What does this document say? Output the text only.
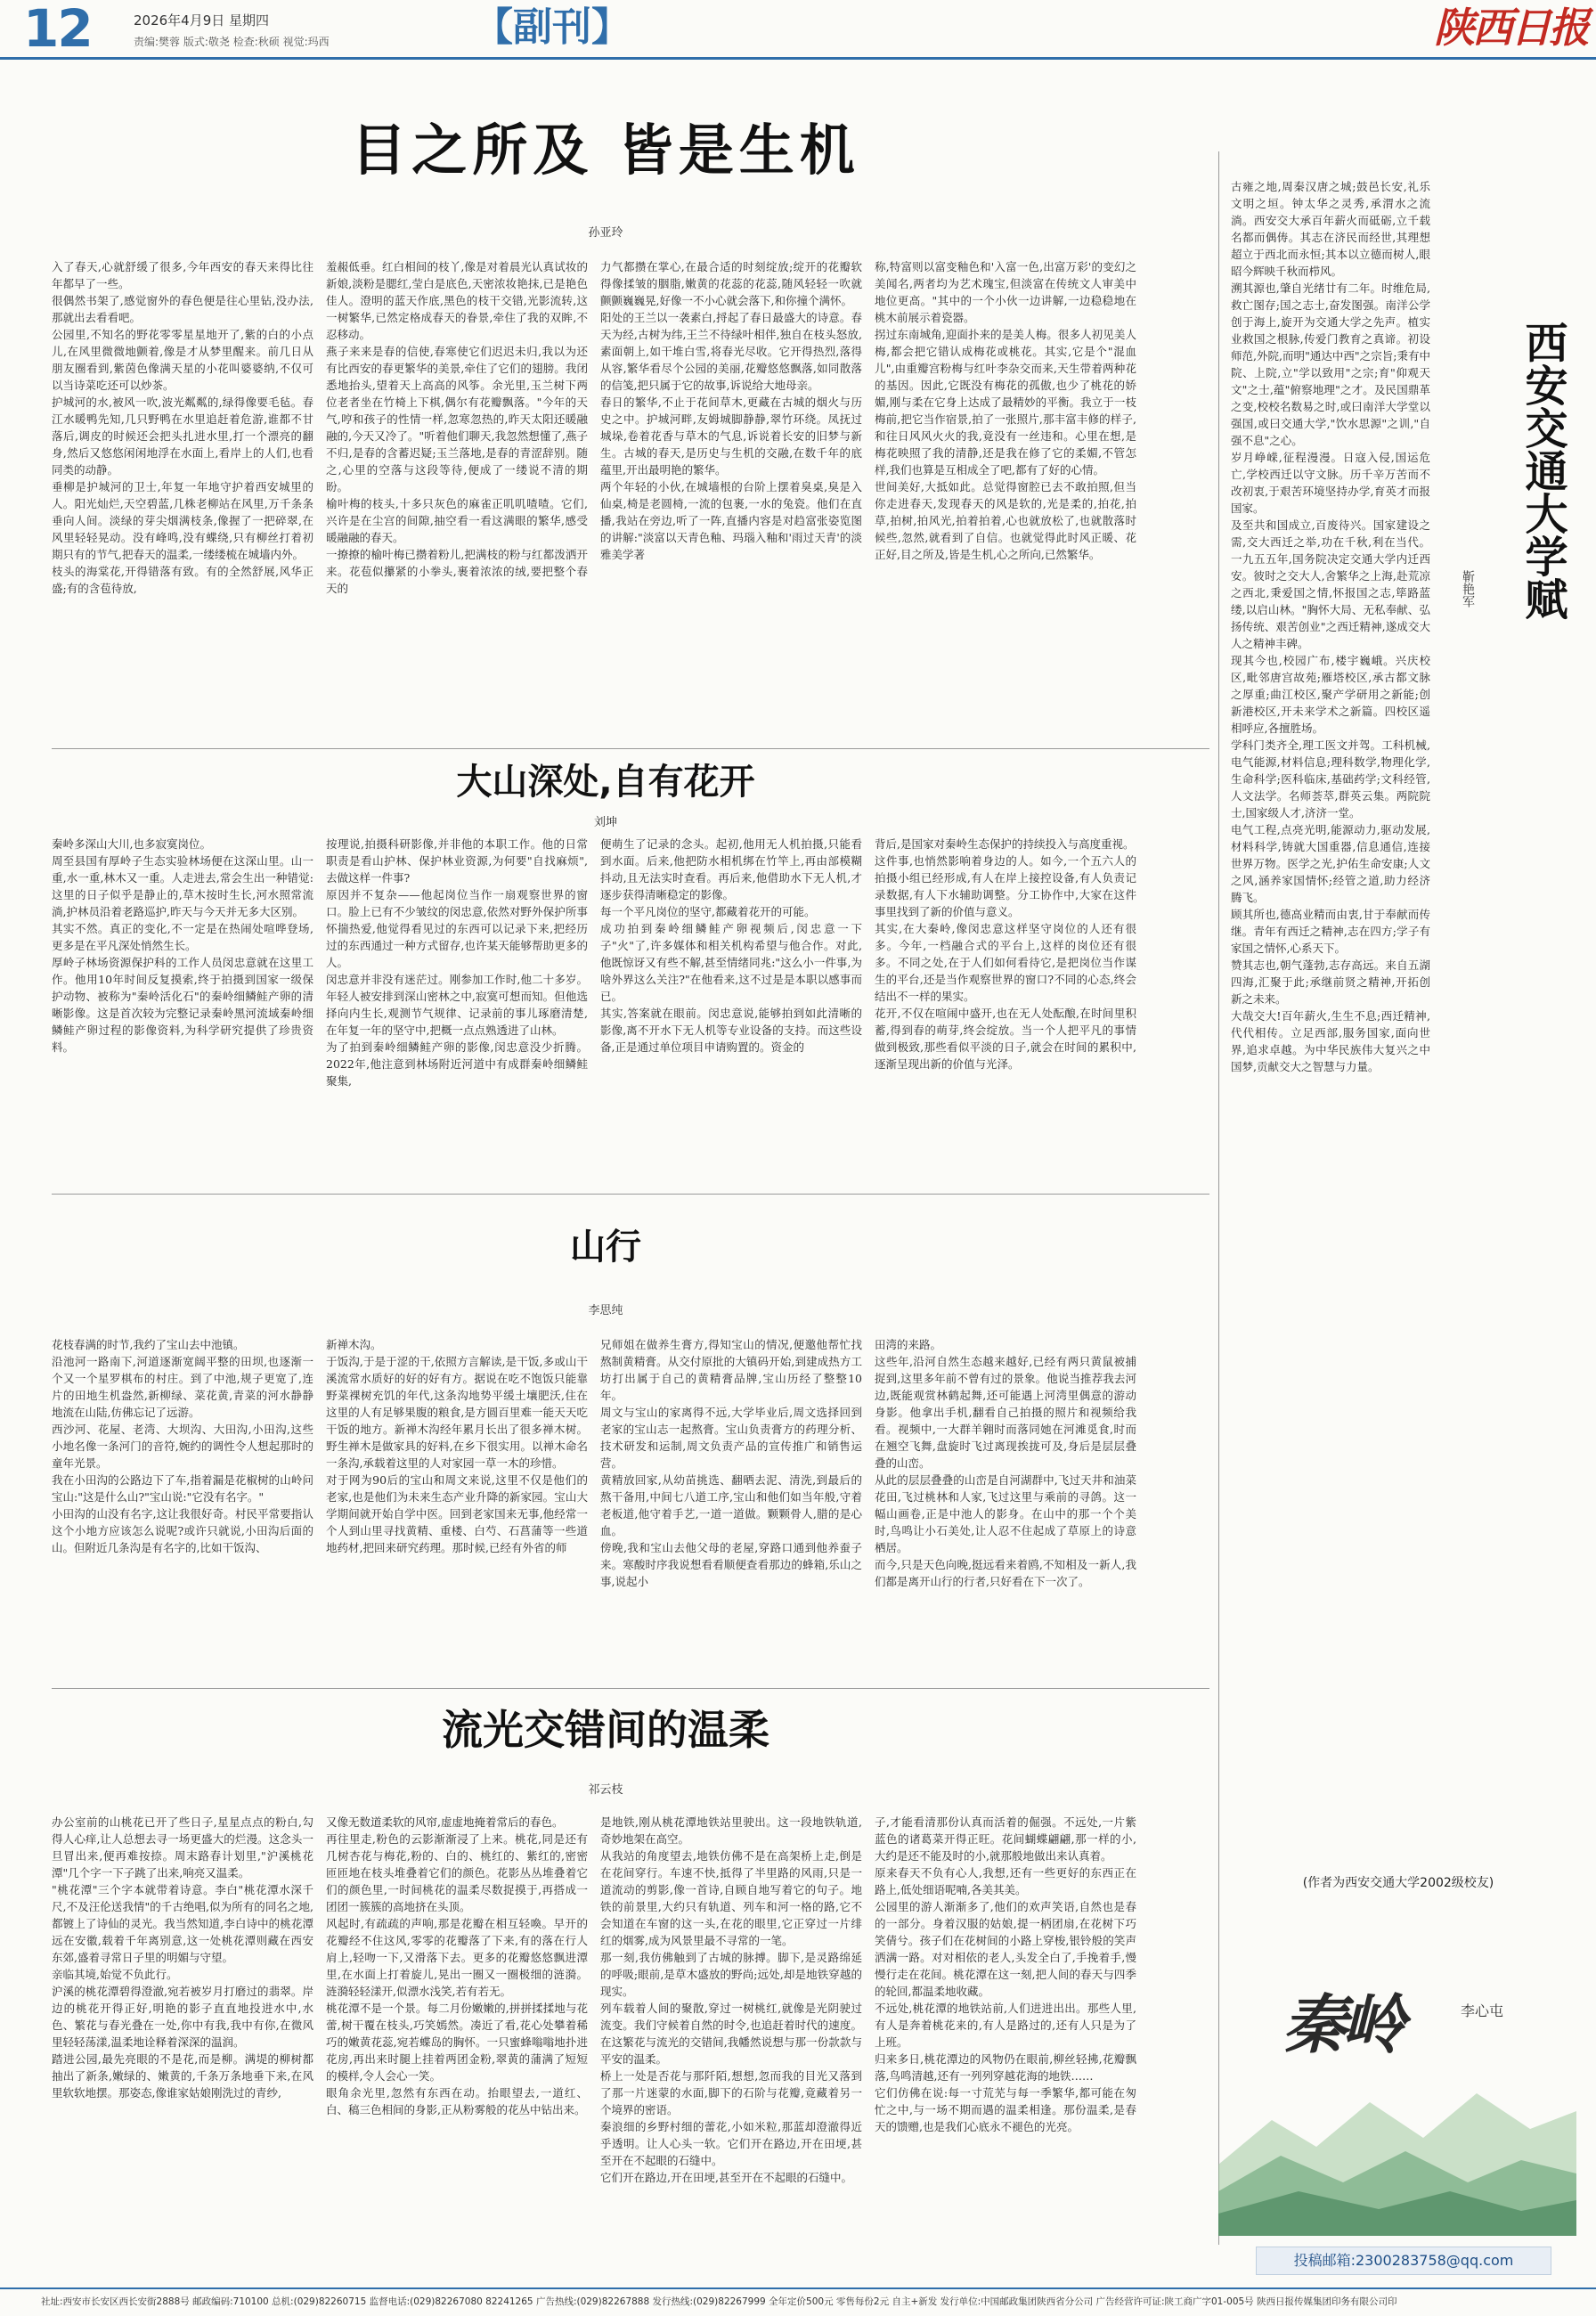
12	2026年4月9日 星期四
责编:樊蓉 版式:敬尧 检查:秋硕 视觉:玛西	【副刊】	陕西日报
目之所及 皆是生机
孙亚玲
入了春天,心就舒缓了很多,今年西安的春天来得比往年都早了一些。
很偶然书架了,感觉窗外的春色便是往心里钻,没办法,那就出去看看吧。
公园里,不知名的野花零零星星地开了,紫的白的小点儿,在风里微微地颤着,像是才从梦里醒来。前几日从朋友圈看到,紫茵色像满天星的小花叫婆婆纳,不仅可以当诗菜吃还可以炒茶。
护城河的水,被风一吹,波光粼粼的,绿得像要毛毡。春江水暖鸭先知,几只野鸭在水里追赶着危游,谁都不甘落后,调皮的时候还会把头扎进水里,打一个漂亮的翻身,然后又悠悠闲闲地浮在水面上,看岸上的人们,也看同类的动静。
垂柳是护城河的卫士,年复一年地守护着西安城里的人。阳光灿烂,天空碧蓝,几株老柳站在风里,万千条条垂向人间。淡绿的芽尖烟满枝条,像握了一把碎翠,在风里轻轻晃动。没有峰鸣,没有蝶绕,只有柳丝打着初期只有的节气,把春天的温柔,一缕缕梳在城墙内外。
枝头的海棠花,开得错落有致。有的全然舒展,风华正盛;有的含苞待放,
羞赧低垂。红白相间的枝丫,像是对着晨光认真试妆的新娘,淡粉是腮红,莹白是底色,天密浓妆艳抹,已是艳色佳人。澄明的蓝天作底,黑色的枝干交错,光影流转,这一树繁华,已然定格成春天的眷景,牵住了我的双眸,不忍移动。
燕子来来是春的信使,春寒使它们迟迟未归,我以为还有比西安的春更繁华的美景,牵住了它们的翅膀。我闭悉地抬头,望着天上高高的风筝。余光里,玉兰树下两位老者坐在竹椅上下棋,偶尔有花瓣飘落。"今年的天气,哼和孩子的性情一样,忽寒忽热的,昨天太阳还暖融融的,今天又冷了。"听着他们聊天,我忽然想懂了,燕子不归,是春的含蓄迟疑;玉兰落地,是春的青涩辞别。随之,心里的空落与这段等待,便成了一缕说不清的期盼。
榆叶梅的枝头,十多只灰色的麻雀正叽叽喳喳。它们,兴许是在尘宫的间隙,抽空看一看这满眼的繁华,感受暖融融的春天。
一撩撩的榆叶梅已攒着粉儿,把满枝的粉与红都泼洒开来。花苞似攥紧的小拳头,裹着浓浓的绒,要把整个春天的
力气都攒在掌心,在最合适的时刻绽放;绽开的花瓣软得像揉皱的胭脂,嫩黄的花蕊的花蕊,随风轻轻一吹就颤颤巍巍晃,好像一不小心就会落下,和你撞个满怀。
阳处的王兰以一袭素白,捋起了春日最盛大的诗意。春天为经,古树为纬,王兰不待绿叶相伴,独自在枝头怒放,素面朝上,如干堆白雪,将春光尽收。它开得热烈,落得从容,繁华看尽个公园的美丽,花瓣悠悠飘落,如同散落的信笺,把只属于它的故事,诉说给大地母亲。
春日的繁华,不止于花间草木,更藏在古城的烟火与历史之中。护城河畔,友姆城脚静静,翠竹环绕。凤抚过城垛,卷着花香与草木的气息,诉说着长安的旧梦与新生。古城的春天,是历史与生机的交融,在数千年的底蕴里,开出最明艳的繁华。
两个年轻的小伙,在城墙根的台阶上摆着臭桌,臭是入仙桌,椅是老圆椅,一流的包裹,一水的兔瓷。他们在直播,我站在旁边,听了一阵,直播内容是对趋富张姿览图的讲解:"淡富以天青色釉、玛瑙入釉和'雨过天青'的淡雅美学著
称,特富则以富变釉色和'入富一色,出富万彩'的变幻之美闻名,两者均为艺术瑰宝,但淡富在传统文人审美中地位更高。"其中的一个小伙一边讲解,一边稳稳地在桃木前展示着瓷器。
拐过东南城角,迎面扑来的是美人梅。很多人初见美人梅,都会把它错认成梅花或桃花。其实,它是个"混血儿",由重瓣宫粉梅与红叶李杂交而来,天生带着两种花的基因。因此,它既没有梅花的孤傲,也少了桃花的娇媚,刚与柔在它身上达成了最精妙的平衡。我立于一枝梅前,把它当作宿景,拍了一张照片,那丰富丰修的样子,和往日风风火火的我,竟没有一丝违和。心里在想,是梅花映照了我的清静,还是我在修了它的柔媚,不管怎样,我们也算是互相成全了吧,都有了好的心情。
世间美好,大抵如此。总觉得窗腔已去不敢拍照,但当你走进春天,发现春天的风是软的,光是柔的,拍花,拍草,拍树,拍风光,拍着拍着,心也就放松了,也就散落时候些,忽然,就看到了自信。也就觉得此时风正暖、花正好,目之所及,皆是生机,心之所向,已然繁华。
大山深处,自有花开
刘坤
秦岭多深山大川,也多寂寞岗位。
周至县国有厚岭子生态实验林场便在这深山里。山一重,水一重,林木又一重。人走进去,常会生出一种错觉:这里的日子似乎是静止的,草木按时生长,河水照常流淌,护林员沿着老路巡护,昨天与今天并无多大区别。
其实不然。真正的变化,不一定是在热闹处喧哗登场,更多是在平凡深处悄然生长。
厚岭子林场资源保护科的工作人员闵忠意就在这里工作。他用10年时间反复摸索,终于拍摄到国家一级保护动物、被称为"秦岭活化石"的秦岭细鳞鲑产卵的清晰影像。这是首次较为完整记录秦岭黑河流域秦岭细鳞鲑产卵过程的影像资料,为科学研究提供了珍贵资料。
按理说,拍摄科研影像,并非他的本职工作。他的日常职责是看山护林、保护林业资源,为何要"自找麻烦",去做这样一件事?
原因并不复杂——他起岗位当作一扇观察世界的窗口。脸上已有不少皱纹的闵忠意,依然对野外保护所事怀揣热爱,他觉得看见过的东西可以记录下来,把经历过的东西通过一种方式留存,也许某天能够帮助更多的人。
闵忠意并非没有迷茫过。刚参加工作时,他二十多岁。年轻人被安排到深山密林之中,寂寞可想而知。但他选择向内生长,观测节气规律、记录前的事儿琢磨清楚,在年复一年的坚守中,把概一点点熟透进了山林。
为了拍到秦岭细鳞鲑产卵的影像,闵忠意没少折腾。2022年,他注意到林场附近河道中有成群秦岭细鳞鲑聚集,
便萌生了记录的念头。起初,他用无人机拍摄,只能看到水面。后来,他把防水相机绑在竹竿上,再由部模糊抖动,且无法实时查看。再后来,他借助水下无人机,才逐步获得清晰稳定的影像。
每一个平凡岗位的坚守,都藏着花开的可能。
成功拍到秦岭细鳞鲑产卵视频后,闵忠意一下子"火"了,许多媒体和相关机构希望与他合作。对此,他既惊讶又有些不解,甚至情绪同兆:"这么小一件事,为啥外界这么关注?"在他看来,这不过是是本职以感事而已。
其实,答案就在眼前。闵忠意说,能够拍到如此清晰的影像,离不开水下无人机等专业设备的支持。而这些设备,正是通过单位项目申请购置的。资金的
背后,是国家对秦岭生态保护的持续投入与高度重视。
这件事,也悄然影响着身边的人。如今,一个五六人的拍摄小组已经形成,有人在岸上接控设备,有人负责记录数据,有人下水辅助调整。分工协作中,大家在这件事里找到了新的价值与意义。
其实,在大秦岭,像闵忠意这样坚守岗位的人还有很多。今年,一档融合式的平台上,这样的岗位还有很多。不同之处,在于人们如何看待它,是把岗位当作谋生的平台,还是当作观察世界的窗口?不同的心态,终会结出不一样的果实。
花开,不仅在喧闹中盛开,也在无人处酝酿,在时间里积蓄,得到春的萌芽,终会绽放。当一个人把平凡的事情做到极致,那些看似平淡的日子,就会在时间的累积中,逐渐呈现出新的价值与光泽。
山行
李思纯
花枝春满的时节,我约了宝山去中池镇。
沿池河一路南下,河道逐渐宽阔平整的田坝,也逐渐一个又一个星罗棋布的村庄。到了中池,规子更宽了,连片的田地生机盎然,新柳绿、菜花黄,青菜的河水静静地流在山陆,仿佛忘记了远游。
西沙河、花屋、老湾、大坝沟、大田沟,小田沟,这些小地名像一条河门的音符,婉约的调性令人想起那时的童年光景。
我在小田沟的公路边下了车,指着漏是花椒树的山岭问宝山:"这是什么山?"宝山说:"它没有名字。"
小田沟的山没有名字,这让我很好奇。村民平常要指认这个小地方应该怎么说呢?或许只就说,小田沟后面的山。但附近几条沟是有名字的,比如干饭沟、
新禅木沟。
于饭沟,于是于涩的干,依照方言解读,是干饭,多或山干溪流常水质好的好的好有方。据说在吃不饱饭只能靠野菜裸树充饥的年代,这条沟地势平缓土壤肥沃,住在这里的人有足够果腹的粮食,是方圆百里难一能天天吃干饭的地方。新禅木沟经年累月长出了很多禅木树。野生禅木是做家具的好料,在乡下很实用。以禅木命名一条沟,承载着这里的人对家园一草一木的珍惜。
对于网为90后的宝山和周文来说,这里不仅是他们的老家,也是他们为未来生态产业升降的新家园。宝山大学期间就开始自学中医。回到老家国来无事,他经常一个人到山里寻找黄精、重楼、白芍、石菖蒲等一些道地药材,把回来研究药理。那时候,已经有外省的师
兄师姐在做养生膏方,得知宝山的情况,便邀他帮忙找熬制黄精膏。从交付原批的大镇码开始,到建成热方工坊打出属于自己的黄精膏品牌,宝山历经了整整10年。
周文与宝山的家离得不远,大学毕业后,周文选择回到老家的宝山志一起熬膏。宝山负责膏方的药理分析、技术研发和运制,周文负责产品的宣传推广和销售运营。
黄精放回家,从幼苗挑选、翻晒去泥、清洗,到最后的熬干备用,中间七八道工序,宝山和他们如当年般,守着老板道,他守着手艺,一道一道做。颗颗骨人,腊的是心血。
傍晚,我和宝山去他父母的老屋,穿路口通到他养蚕子来。寒酸时序我说想看看顺便查看那边的蜂箱,乐山之事,说起小
田湾的来路。
这些年,沿河自然生态越来越好,已经有两只黄鼠被捕捉到,这里多年前不曾有过的景象。他说当推荐我去河边,既能观赏林鹤起舞,还可能遇上河湾里偶意的游动身影。他拿出手机,翻看自己拍摄的照片和视频给我看。视频中,一大群羊翱时而落同她在河滩觅食,时而在翘空飞舞,盘旋时飞过离现挨拢可及,身后是层层叠叠的山峦。
从此的层层叠叠的山峦是自河湖群中,飞过天井和油菜花田,飞过桃林和人家,飞过这里与乘前的寻鸽。这一幅山画卷,正是中池人的影身。在山中的那一个个美时,鸟鸣让小石美处,让人忍不住起成了草原上的诗意栖居。
而今,只是天色向晚,挺远看来着鸥,不知相及一新人,我们都是离开山行的行者,只好看在下一次了。
流光交错间的温柔
祁云枝
办公室前的山桃花已开了些日子,星星点点的粉白,勾得人心痒,让人总想去寻一场更盛大的烂漫。这念头一旦冒出来,便再难按捺。周末路春计划里,"沪溪桃花潭"几个字一下子跳了出来,响亮又温柔。
"桃花潭"三个字本就带着诗意。李白"桃花潭水深千尺,不及汪伦送我情"的千古绝唱,似为所有的同名之地,都镀上了诗仙的灵光。我当然知道,李白诗中的桃花潭远在安徽,载着千年离别意,这一处桃花潭则藏在西安东郊,盛着寻常日子里的明媚与守望。
亲临其境,始觉不负此行。
沪溪的桃花潭碧得澄澈,宛若被岁月打磨过的翡翠。岸边的桃花开得正好,明艳的影子直直地投进水中,水色、繁花与春光叠在一处,你中有我,我中有你,在微风里轻轻荡漾,温柔地诠释着深深的温润。
踏进公园,最先亮眼的不是花,而是柳。满堤的柳树都抽出了新条,嫩绿的、嫩黄的,千条万条地垂下来,在风里软软地摆。那姿态,像谁家姑娘刚洗过的青纱,
又像无数道柔软的风帘,虚虚地掩着常后的春色。
再往里走,粉色的云影渐渐浸了上来。桃花,同是还有几树杏花与梅花,粉的、白的、桃红的、紫红的,密密匝匝地在枝头堆叠着它们的颜色。花影丛丛堆叠着它们的颜色里,一时间桃花的温柔尽数捉摸于,再搭成一团团一簇簇的高地挤在头顶。
风起时,有疏疏的声响,那是花瓣在相互轻喚。早开的花瓣经不住这风,零零的花瓣落了下来,有的落在行人肩上,轻吻一下,又滑落下去。更多的花瓣悠悠飘进潭里,在水面上打着旋儿,晃出一圈又一圈极细的涟漪。涟漪轻轻漾开,似漂水浅笑,若有若无。
桃花潭不是一个景。每二月份嫩嫩的,拼拼揉揉地与花蕾,树干覆在枝头,巧笑嫣然。凑近了看,花心处攀着稀巧的嫩黄花蕊,宛若蝶岛的胸怀。一只蜜蜂嗡嗡地扑进花房,再出来时腿上挂着两团金粉,翠黄的蒲满了短短的模样,令人会心一笑。
眼角余光里,忽然有东西在动。抬眼望去,一道红、白、稿三色相间的身影,正从粉雾般的花丛中钻出来。
是地铁,刚从桃花潭地铁站里驶出。这一段地铁轨道,奇妙地架在高空。
从我站的角度望去,地铁仿佛不是在高架桥上走,倒是在花间穿行。车速不快,抵得了半里路的风雨,只是一道流动的剪影,像一首诗,自顾自地写着它的句子。地铁的前景里,大约只有轨道、列车和河一格的路,它不会知道在车窗的这一头,在花的眼里,它正穿过一片绯红的烟雾,成为风景里最不寻常的一笔。
那一刻,我仿佛触到了古城的脉搏。脚下,是灵路绵延的呼吸;眼前,是草木盛放的野尚;远处,却是地铁穿越的现实。
列车载着人间的聚散,穿过一树桃红,就像是光阴驶过流变。我们守候着自然的时令,也追赶着时代的速度。在这繁花与流光的交错间,我幡然说想与那一份款款与平安的温柔。
桥上一处是否花与那阡陌,想想,忽而我的目光又落到了那一片迷蒙的水面,脚下的石阶与花瓣,竟藏着另一个境界的密语。
秦浪细的乡野村细的蕾花,小如米粒,那蓝却澄澈得近乎透明。让人心头一软。它们开在路边,开在田埂,甚至开在不起眼的石缝中。
它们开在路边,开在田埂,甚至开在不起眼的石缝中。
子,才能看清那份认真而活着的倔强。不远处,一片紫蓝色的诸葛菜开得正旺。花间蝴蝶翩翩,那一样的小,大约是还不能及时的小,就那般地做出来认真着。
原来春天不负有心人,我想,还有一些更好的东西正在路上,低处细语呢喃,各美其美。
公园里的游人渐渐多了,他们的欢声笑语,自然也是春的一部分。身着汉服的姑娘,提一柄团扇,在花树下巧笑倩兮。孩子们在花树间的小路上穿梭,银铃般的笑声洒满一路。对对相依的老人,头发全白了,手挽着手,慢慢行走在花间。桃花潭在这一刻,把人间的春天与四季的轮回,都温柔地收藏。
不远处,桃花潭的地铁站前,人们进进出出。那些人里,有人是奔着桃花来的,有人是路过的,还有人只是为了上班。
归来多日,桃花潭边的风物仍在眼前,柳丝轻拂,花瓣飘落,鸟鸣清越,还有一列列穿越花海的地铁……
它们仿佛在说:每一寸荒芜与每一季繁华,都可能在匆忙之中,与一场不期而遇的温柔相逢。那份温柔,是春天的馈赠,也是我们心底永不褪色的光亮。
古雍之地,周秦汉唐之城;鼓邑长安,礼乐文明之垣。钟太华之灵秀,承渭水之流淌。西安交大承百年薪火而砥砺,立千载名都而偶俦。其志在济民而经世,其理想超立于西北而永恒;其本以立德而树人,眼昭今辉映千秋而栉风。
溯其源也,肇自光绪廿有二年。时维危局,救亡图存;国之志士,奋发图强。南洋公学创于海上,旋开为交通大学之先声。植实业救国之根脉,传爱门教育之真谛。初设师范,外院,而明"通达中西"之宗旨;秉有中院、上院,立"学以致用"之宗;育"仰观天文"之士,蕴"俯察地理"之才。及民国鼎革之变,校校名数易之时,或曰南洋大学堂以强国,或曰交通大学,"饮水思源"之训,"自强不息"之心。
岁月峥嵘,征程漫漫。日寇入侵,国运危亡,学校西迁以守文脉。历千辛万苦而不改初衷,于艰苦环境坚持办学,育英才而报国家。
及至共和国成立,百废待兴。国家建设之需,交大西迁之举,功在千秋,利在当代。一九五五年,国务院决定交通大学内迁西安。彼时之交大人,舍繁华之上海,赴荒凉之西北,秉爱国之情,怀报国之志,筚路蓝缕,以启山林。"胸怀大局、无私奉献、弘扬传统、艰苦创业"之西迁精神,遂成交大人之精神丰碑。
现其今也,校园广布,楼宇巍峨。兴庆校区,毗邻唐宫故苑;雁塔校区,承古都文脉之厚重;曲江校区,聚产学研用之新能;创新港校区,开未来学术之新篇。四校区遥相呼应,各擅胜场。
学科门类齐全,理工医文并驾。工科机械,电气能源,材料信息;理科数学,物理化学,生命科学;医科临床,基础药学;文科经管,人文法学。名师荟萃,群英云集。两院院士,国家级人才,济济一堂。
电气工程,点亮光明,能源动力,驱动发展,材料科学,铸就大国重器,信息通信,连接世界万物。医学之光,护佑生命安康;人文之风,涵养家国情怀;经管之道,助力经济腾飞。
顾其所也,德高业精而由衷,甘于奉献而传继。青年有西迁之精神,志在四方;学子有家国之情怀,心系天下。
赞其志也,朝气蓬勃,志存高远。来自五湖四海,汇聚于此;承继前贤之精神,开拓创新之未来。
大哉交大!百年薪火,生生不息;西迁精神,代代相传。立足西部,服务国家,面向世界,追求卓越。为中华民族伟大复兴之中国梦,贡献交大之智慧与力量。
西安交通大学赋
靳艳军
(作者为西安交通大学2002级校友)
秦岭	李心屯
投稿邮箱:2300283758@qq.com
社址:西安市长安区西长安街2888号 邮政编码:710100 总机:(029)82260715 监督电话:(029)82267080 82241265 广告热线:(029)82267888 发行热线:(029)82267999 全年定价500元 零售每份2元 自主+新发 发行单位:中国邮政集团陕西省分公司 广告经营许可证:陕工商广字01-005号 陕西日报传媒集团印务有限公司印
